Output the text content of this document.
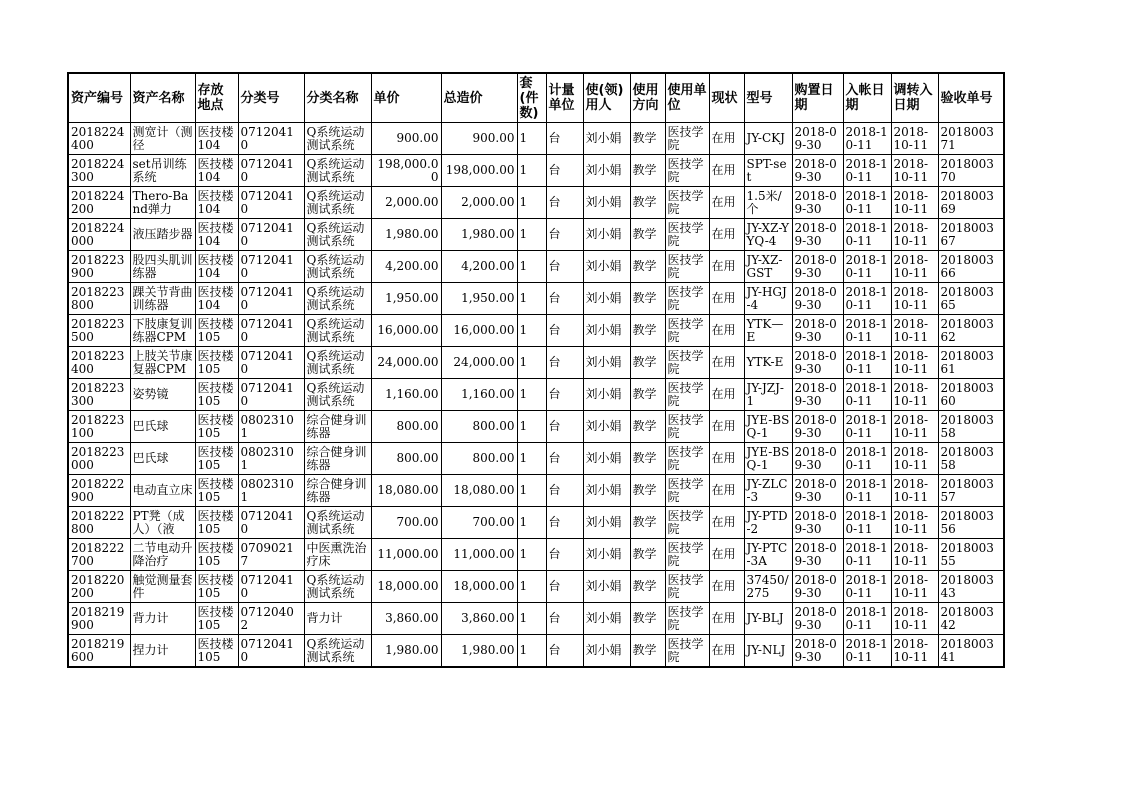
资产编号	资产名称	存放地点	分类号	分类名称	单价	总造价	套(件数)	计量单位	使(领)用人	使用方向	使用单位	现状	型号	购置日期	入帐日期	调转入日期	验收单号
2018224400	测宽计（测径	医技楼104	07120410	Q系统运动测试系统	900.00	900.00	1	台	刘小娟	教学	医技学院	在用	JY-CKJ	2018-09-30	2018-10-11	2018-10-11	201800371
2018224300	set吊训练系统	医技楼104	07120410	Q系统运动测试系统	198,000.00	198,000.00	1	台	刘小娟	教学	医技学院	在用	SPT-set	2018-09-30	2018-10-11	2018-10-11	201800370
2018224200	Thero-Band弹力	医技楼104	07120410	Q系统运动测试系统	2,000.00	2,000.00	1	台	刘小娟	教学	医技学院	在用	1.5米/个	2018-09-30	2018-10-11	2018-10-11	201800369
2018224000	液压踏步器	医技楼104	07120410	Q系统运动测试系统	1,980.00	1,980.00	1	台	刘小娟	教学	医技学院	在用	JY-XZ-YYQ-4	2018-09-30	2018-10-11	2018-10-11	201800367
2018223900	股四头肌训练器	医技楼104	07120410	Q系统运动测试系统	4,200.00	4,200.00	1	台	刘小娟	教学	医技学院	在用	JY-XZ-GST	2018-09-30	2018-10-11	2018-10-11	201800366
2018223800	踝关节背曲训练器	医技楼104	07120410	Q系统运动测试系统	1,950.00	1,950.00	1	台	刘小娟	教学	医技学院	在用	JY-HGJ-4	2018-09-30	2018-10-11	2018-10-11	201800365
2018223500	下肢康复训练器CPM	医技楼105	07120410	Q系统运动测试系统	16,000.00	16,000.00	1	台	刘小娟	教学	医技学院	在用	YTK—E	2018-09-30	2018-10-11	2018-10-11	201800362
2018223400	上肢关节康复器CPM	医技楼105	07120410	Q系统运动测试系统	24,000.00	24,000.00	1	台	刘小娟	教学	医技学院	在用	YTK-E	2018-09-30	2018-10-11	2018-10-11	201800361
2018223300	姿势镜	医技楼105	07120410	Q系统运动测试系统	1,160.00	1,160.00	1	台	刘小娟	教学	医技学院	在用	JY-JZJ-1	2018-09-30	2018-10-11	2018-10-11	201800360
2018223100	巴氏球	医技楼105	08023101	综合健身训练器	800.00	800.00	1	台	刘小娟	教学	医技学院	在用	JYE-BSQ-1	2018-09-30	2018-10-11	2018-10-11	201800358
2018223000	巴氏球	医技楼105	08023101	综合健身训练器	800.00	800.00	1	台	刘小娟	教学	医技学院	在用	JYE-BSQ-1	2018-09-30	2018-10-11	2018-10-11	201800358
2018222900	电动直立床	医技楼105	08023101	综合健身训练器	18,080.00	18,080.00	1	台	刘小娟	教学	医技学院	在用	JY-ZLC-3	2018-09-30	2018-10-11	2018-10-11	201800357
2018222800	PT凳（成人）（液	医技楼105	07120410	Q系统运动测试系统	700.00	700.00	1	台	刘小娟	教学	医技学院	在用	JY-PTD-2	2018-09-30	2018-10-11	2018-10-11	201800356
2018222700	二节电动升降治疗	医技楼105	07090217	中医熏洗治疗床	11,000.00	11,000.00	1	台	刘小娟	教学	医技学院	在用	JY-PTC-3A	2018-09-30	2018-10-11	2018-10-11	201800355
2018220200	触觉测量套件	医技楼105	07120410	Q系统运动测试系统	18,000.00	18,000.00	1	台	刘小娟	教学	医技学院	在用	37450/275	2018-09-30	2018-10-11	2018-10-11	201800343
2018219900	背力计	医技楼105	07120402	背力计	3,860.00	3,860.00	1	台	刘小娟	教学	医技学院	在用	JY-BLJ	2018-09-30	2018-10-11	2018-10-11	201800342
2018219600	捏力计	医技楼105	07120410	Q系统运动测试系统	1,980.00	1,980.00	1	台	刘小娟	教学	医技学院	在用	JY-NLJ	2018-09-30	2018-10-11	2018-10-11	201800341
